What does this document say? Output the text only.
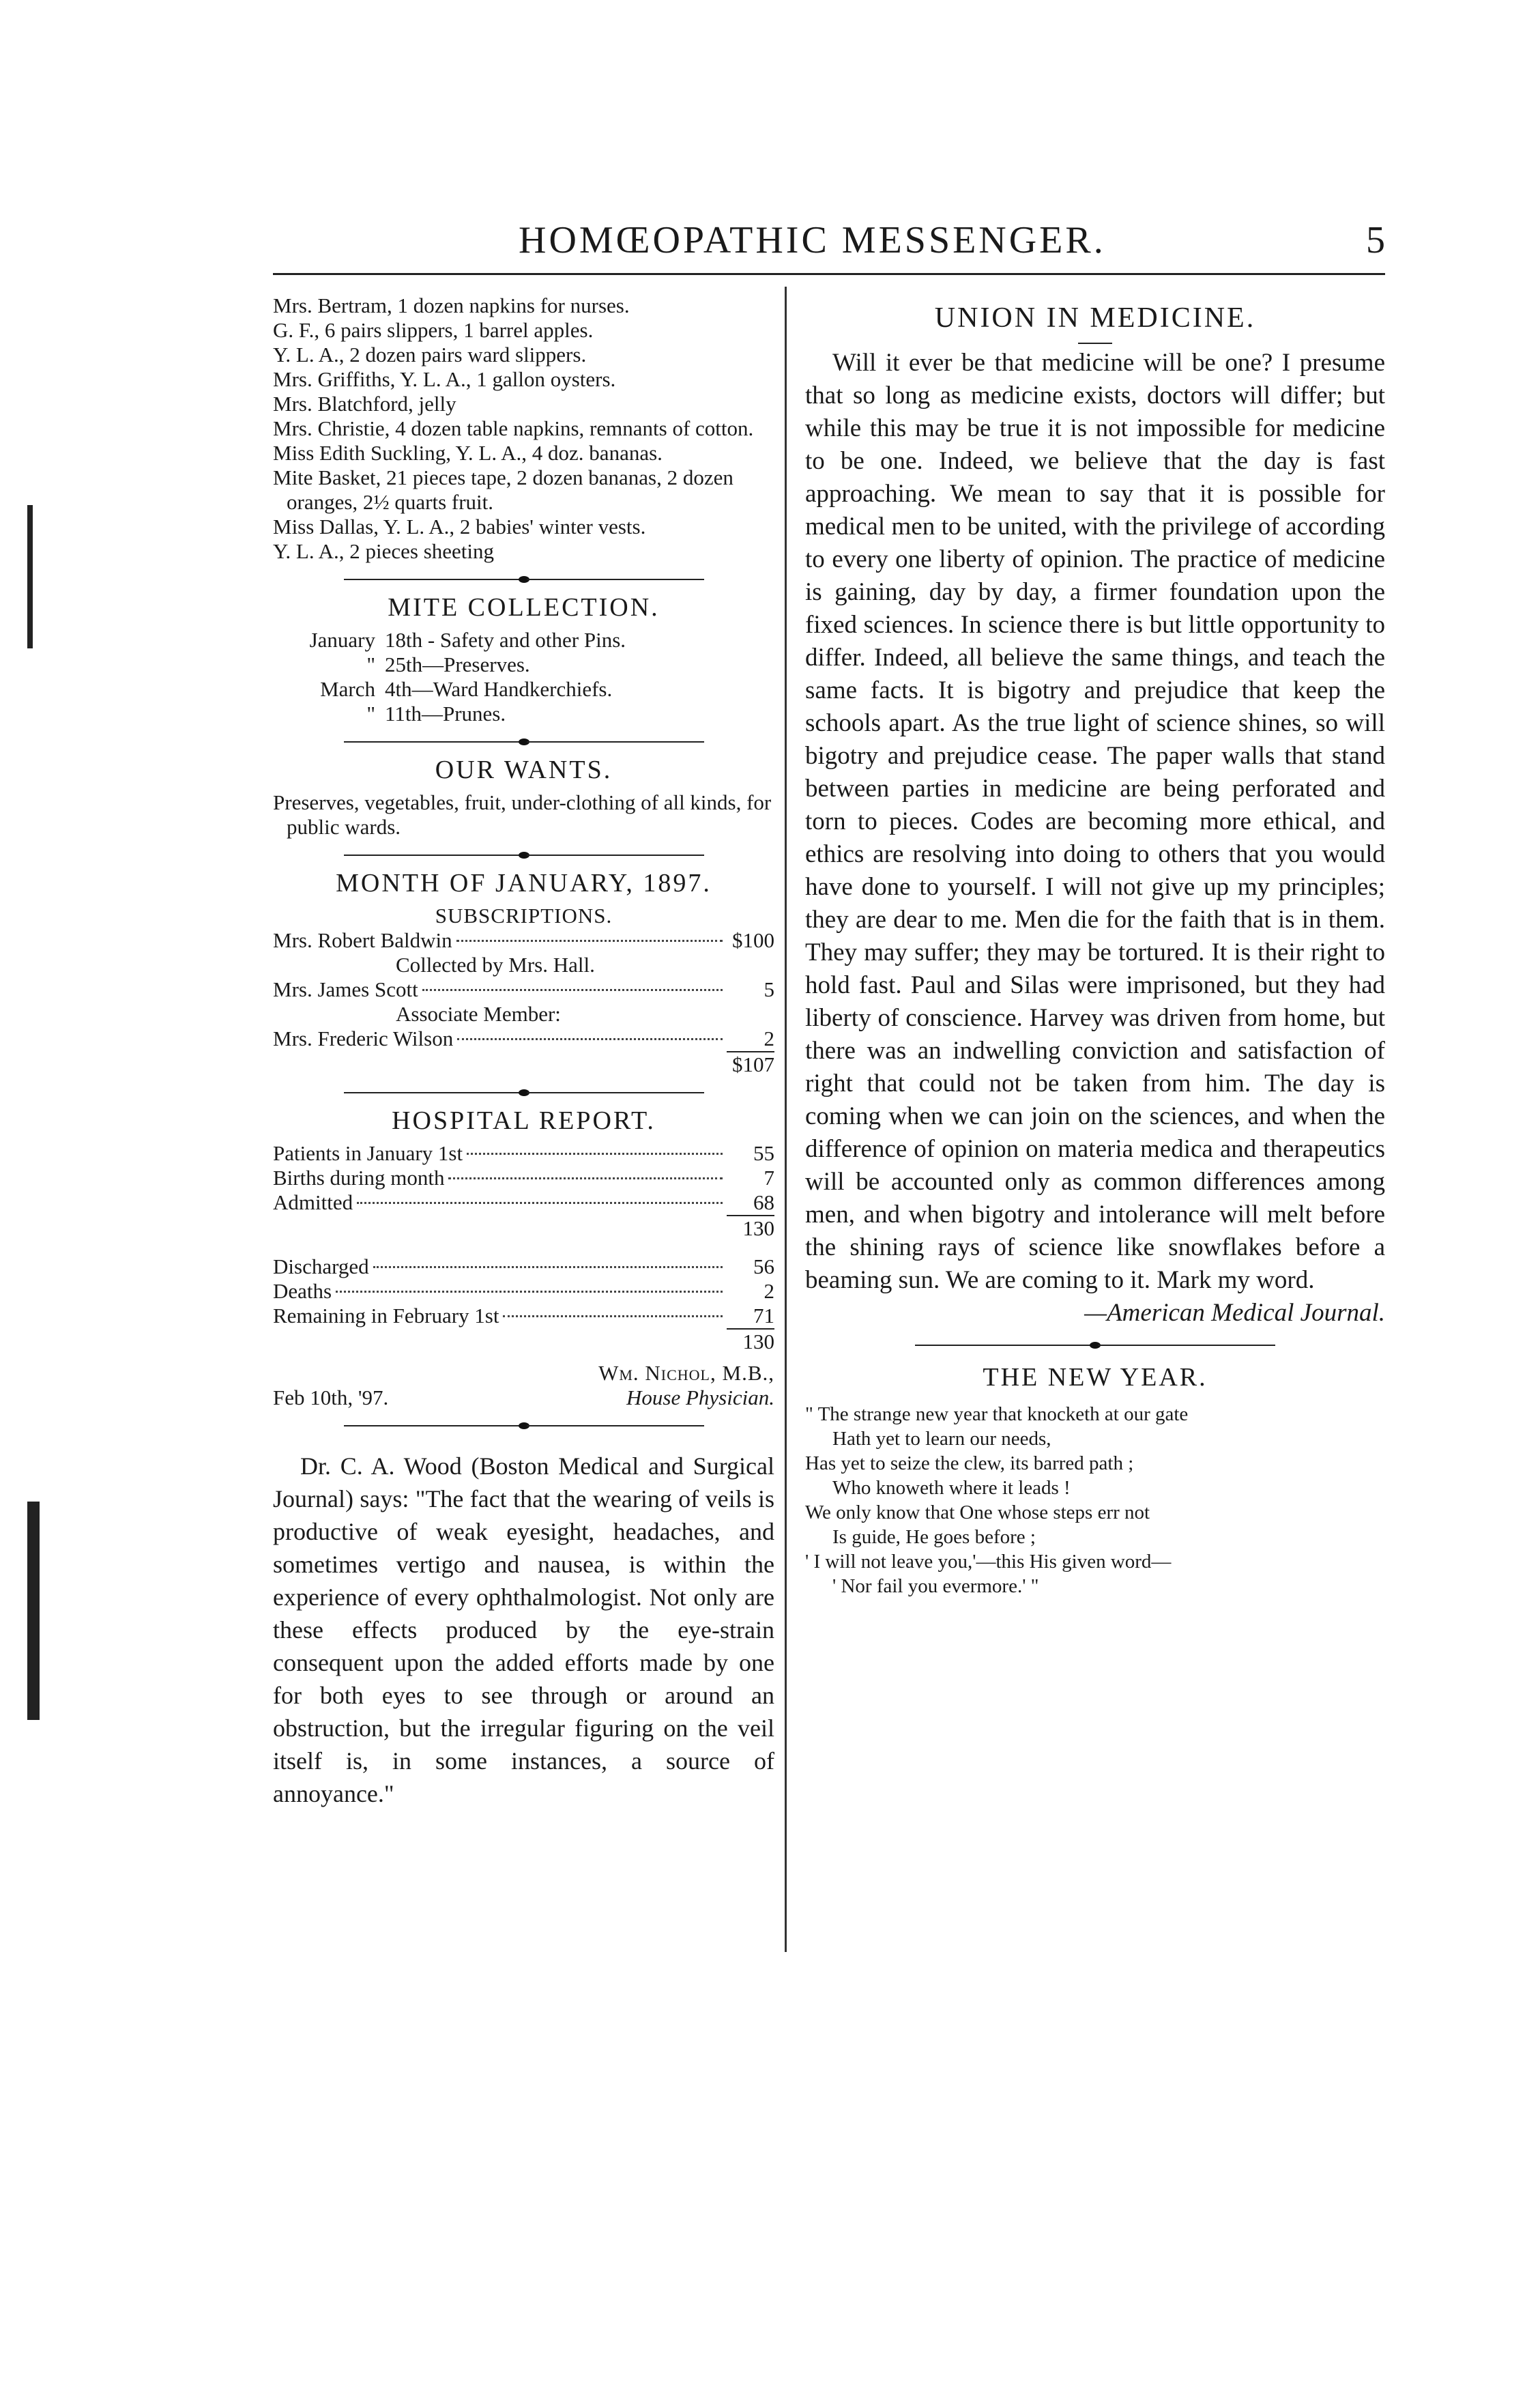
HOMŒOPATHIC MESSENGER.	5

Mrs. Bertram, 1 dozen napkins for nurses.

G. F., 6 pairs slippers, 1 barrel apples.

Y. L. A., 2 dozen pairs ward slippers.

Mrs. Griffiths, Y. L. A., 1 gallon oysters.

Mrs. Blatchford, jelly

Mrs. Christie, 4 dozen table napkins, remnants of cotton.

Miss Edith Suckling, Y. L. A., 4 doz. bananas.

Mite Basket, 21 pieces tape, 2 dozen bananas, 2 dozen oranges, 2½ quarts fruit.

Miss Dallas, Y. L. A., 2 babies' winter vests.

Y. L. A., 2 pieces sheeting

MITE COLLECTION.
January 18th - Safety and other Pins.
" 25th—Preserves.
March 4th—Ward Handkerchiefs.
" 11th—Prunes.
OUR WANTS.

Preserves, vegetables, fruit, under-clothing of all kinds, for public wards.

MONTH OF JANUARY, 1897.
SUBSCRIPTIONS.
Mrs. Robert Baldwin	$100
Collected by Mrs. Hall.
Mrs. James Scott	5
Associate Member:
Mrs. Frederic Wilson	2
$107
HOSPITAL REPORT.
Patients in January 1st	55
Births during month	7
Admitted	68
130
Discharged	56
Deaths	2
Remaining in February 1st	71
130
Feb 10th, '97.
Wm. Nichol, M.B.,
House Physician.

Dr. C. A. Wood (Boston Medical and Surgical Journal) says: "The fact that the wearing of veils is productive of weak eyesight, headaches, and sometimes vertigo and nausea, is within the experience of every ophthalmologist. Not only are these effects produced by the eye-strain consequent upon the added efforts made by one for both eyes to see through or around an obstruction, but the irregular figuring on the veil itself is, in some instances, a source of annoyance."

UNION IN MEDICINE.

Will it ever be that medicine will be one? I presume that so long as medicine exists, doctors will differ; but while this may be true it is not impossible for medicine to be one. Indeed, we believe that the day is fast approaching. We mean to say that it is possible for medical men to be united, with the privilege of according to every one liberty of opinion. The practice of medicine is gaining, day by day, a firmer foundation upon the fixed sciences. In science there is but little opportunity to differ. Indeed, all believe the same things, and teach the same facts. It is bigotry and prejudice that keep the schools apart. As the true light of science shines, so will bigotry and prejudice cease. The paper walls that stand between parties in medicine are being perforated and torn to pieces. Codes are becoming more ethical, and ethics are resolving into doing to others that you would have done to yourself. I will not give up my principles; they are dear to me. Men die for the faith that is in them. They may suffer; they may be tortured. It is their right to hold fast. Paul and Silas were imprisoned, but they had liberty of conscience. Harvey was driven from home, but there was an indwelling conviction and satisfaction of right that could not be taken from him. The day is coming when we can join on the sciences, and when the difference of opinion on materia medica and therapeutics will be accounted only as common differences among men, and when bigotry and intolerance will melt before the shining rays of science like snowflakes before a beaming sun. We are coming to it. Mark my word.

—American Medical Journal.
THE NEW YEAR.

" The strange new year that knocketh at our gate

Hath yet to learn our needs,

Has yet to seize the clew, its barred path ;

Who knoweth where it leads !

We only know that One whose steps err not

Is guide, He goes before ;

' I will not leave you,'—this His given word—

' Nor fail you evermore.' "
